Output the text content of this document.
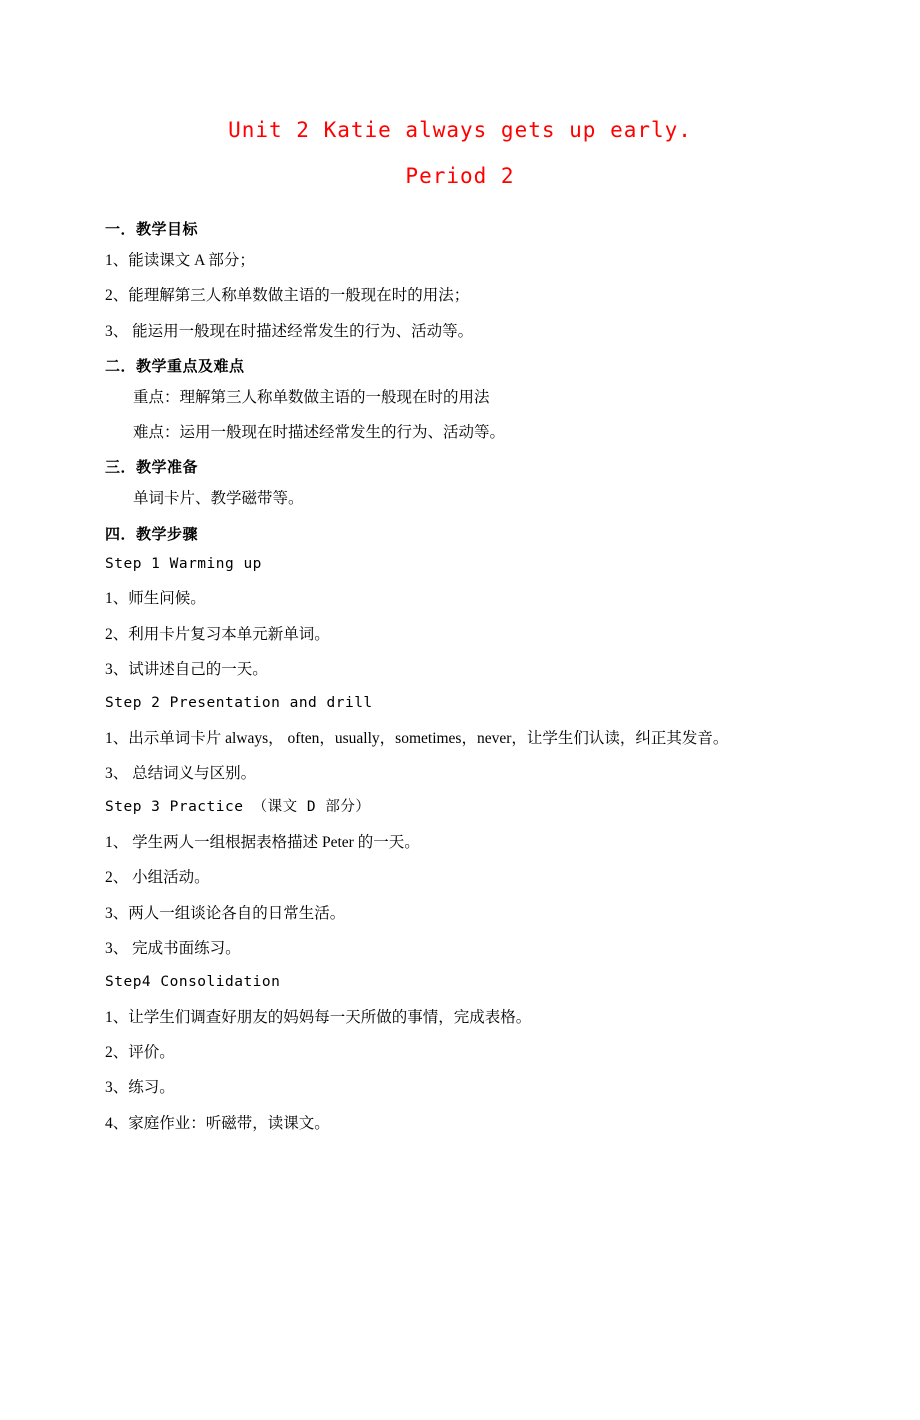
Unit 2 Katie always gets up early.
Period 2

一．教学目标

1、能读课文 A 部分；

2、能理解第三人称单数做主语的一般现在时的用法；

3、 能运用一般现在时描述经常发生的行为、活动等。

二．教学重点及难点

重点：理解第三人称单数做主语的一般现在时的用法

难点：运用一般现在时描述经常发生的行为、活动等。

三．教学准备

单词卡片、教学磁带等。

四．教学步骤

Step 1 Warming up

1、师生问候。

2、利用卡片复习本单元新单词。

3、试讲述自己的一天。

Step 2 Presentation and drill

1、出示单词卡片 always， often，usually，sometimes，never，让学生们认读，纠正其发音。

3、 总结词义与区别。

Step 3 Practice （课文 D 部分）

1、 学生两人一组根据表格描述 Peter 的一天。

2、 小组活动。

3、两人一组谈论各自的日常生活。

3、 完成书面练习。

Step4 Consolidation

1、让学生们调查好朋友的妈妈每一天所做的事情，完成表格。

2、评价。

3、练习。

4、家庭作业：听磁带，读课文。
